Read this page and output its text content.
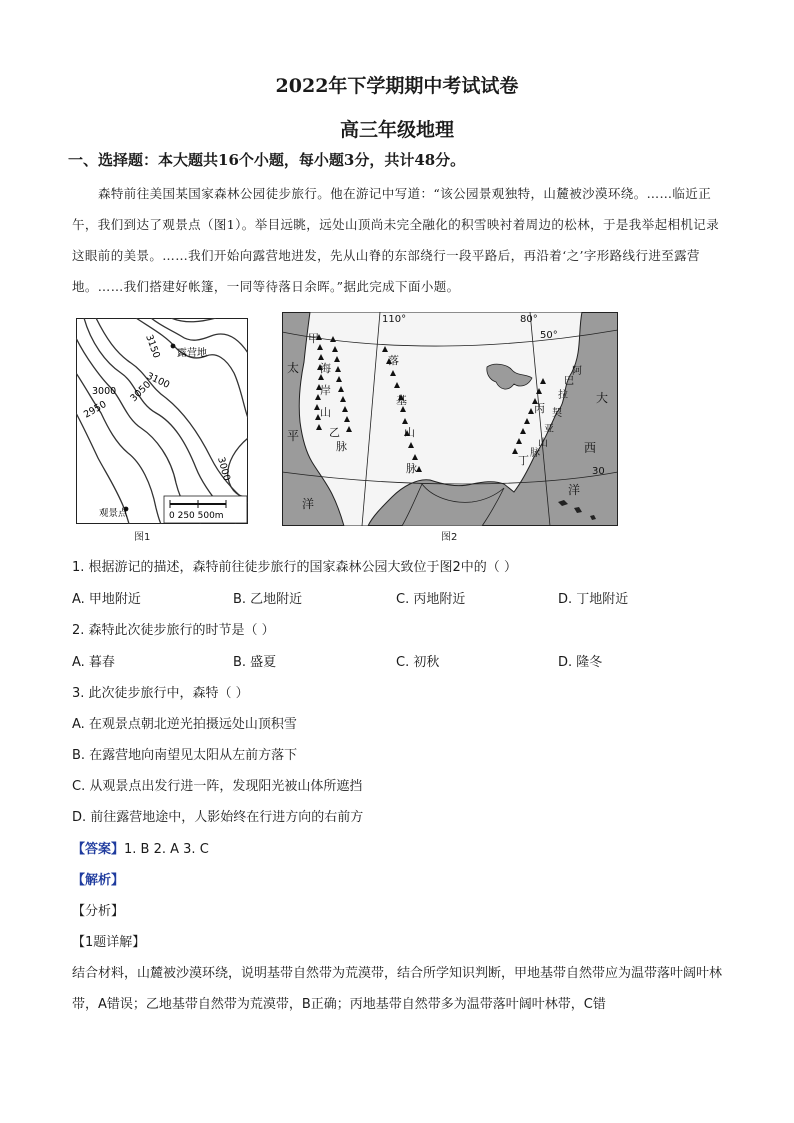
2022年下学期期中考试试卷
高三年级地理
一、选择题：本大题共16个小题，每小题3分，共计48分。
森特前往美国某国家森林公园徒步旅行。他在游记中写道：“该公园景观独特，山麓被沙漠环绕。……临近正午，我们到达了观景点（图1）。举目远眺，远处山顶尚未完全融化的积雪映衬着周边的松林，于是我举起相机记录这眼前的美景。……我们开始向露营地进发，先从山脊的东部绕行一段平路后，再沿着‘之’字形路线行进至露营地。……我们搭建好帐篷，一同等待落日余晖。”据此完成下面小题。
露营地
3150
3100
3050
3000
2950
3000
观景点	0 250 500m
图1
110°	80°
50°
30
甲
乙
丙
丁
太
平
洋
大
西
洋
海
岸
山
脉
落
基
山
脉
阿
巴
拉
契
亚
山
脉
图2
1. 根据游记的描述，森特前往徒步旅行的国家森林公园大致位于图2中的（ ）
A. 甲地附近	B. 乙地附近	C. 丙地附近	D. 丁地附近
2. 森特此次徒步旅行的时节是（ ）
A. 暮春	B. 盛夏	C. 初秋	D. 隆冬
3. 此次徒步旅行中，森特（ ）
A. 在观景点朝北逆光拍摄远处山顶积雪
B. 在露营地向南望见太阳从左前方落下
C. 从观景点出发行进一阵，发现阳光被山体所遮挡
D. 前往露营地途中，人影始终在行进方向的右前方
【答案】1. B 2. A 3. C
【解析】
【分析】
【1题详解】
结合材料，山麓被沙漠环绕，说明基带自然带为荒漠带，结合所学知识判断，甲地基带自然带应为温带落叶阔叶林带，A错误；乙地基带自然带为荒漠带，B正确；丙地基带自然带多为温带落叶阔叶林带，C错
